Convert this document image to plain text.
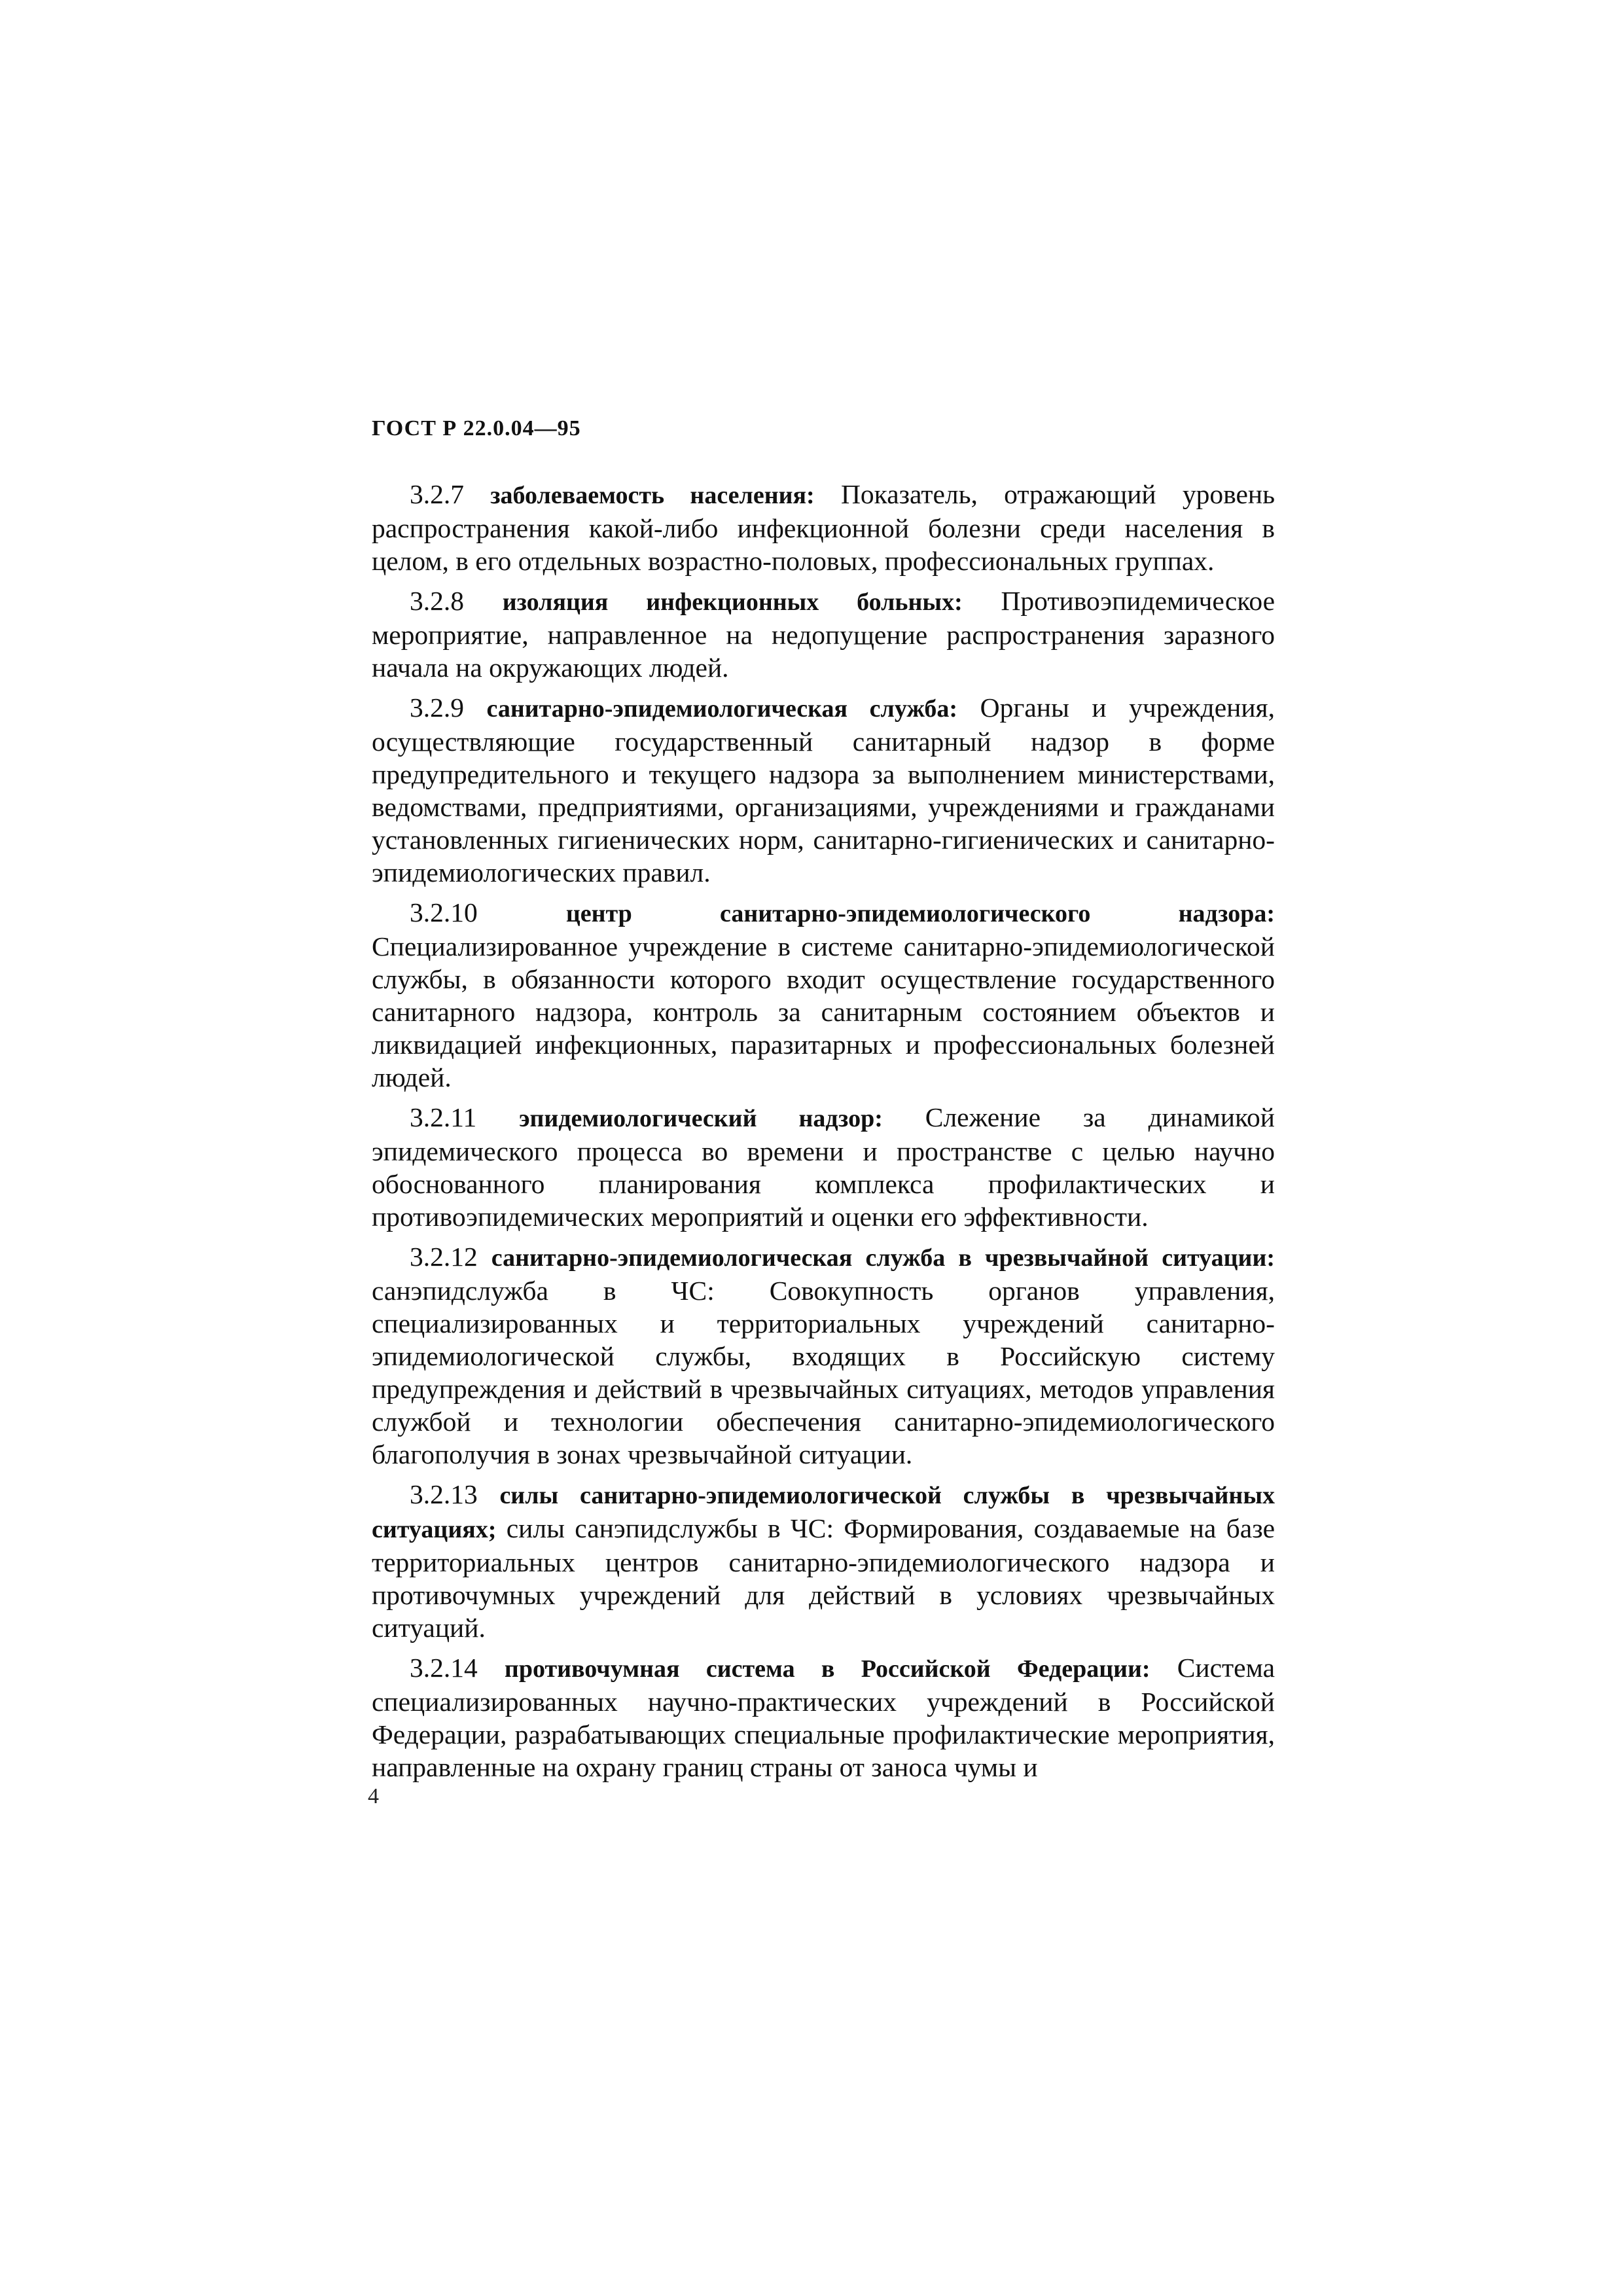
ГОСТ Р 22.0.04—95

3.2.7 заболеваемость населения: Показатель, отражающий уровень распространения какой-либо инфекционной болезни среди населения в целом, в его отдельных возрастно-половых, профессиональных группах.

3.2.8 изоляция инфекционных больных: Противоэпидемическое мероприятие, направленное на недопущение распространения заразного начала на окружающих людей.

3.2.9 санитарно-эпидемиологическая служба: Органы и учреждения, осуществляющие государственный санитарный надзор в форме предупредительного и текущего надзора за выполнением министерствами, ведомствами, предприятиями, организациями, учреждениями и гражданами установленных гигиенических норм, санитарно-гигиенических и санитарно-эпидемиологических правил.

3.2.10	центр санитарно-эпидемиологического надзора: Специализированное учреждение в системе санитарно-эпидемиологической службы, в обязанности которого входит осуществление государственного санитарного надзора, контроль за санитарным состоянием объектов и ликвидацией инфекционных, паразитарных и профессиональных болезней людей.

3.2.11 эпидемиологический надзор: Слежение за динамикой эпидемического процесса во времени и пространстве с целью научно обоснованного планирования комплекса профилактических и противоэпидемических мероприятий и оценки его эффективности.

3.2.12 санитарно-эпидемиологическая служба в чрезвычайной ситуации: санэпидслужба в ЧС: Совокупность органов управления, специализированных и территориальных учреждений санитарно-эпидемиологической службы, входящих в Российскую систему предупреждения и действий в чрезвычайных ситуациях, методов управления службой и технологии обеспечения санитарно-эпидемиологического благополучия в зонах чрезвычайной ситуации.

3.2.13 силы санитарно-эпидемиологической службы в чрезвычайных ситуациях; силы санэпидслужбы в ЧС: Формирования, создаваемые на базе территориальных центров санитарно-эпидемиологического надзора и противочумных учреждений для действий в условиях чрезвычайных ситуаций.

3.2.14 противочумная система в Российской Федерации: Система специализированных научно-практических учреждений в Российской Федерации, разрабатывающих специальные профилактические мероприятия, направленные на охрану границ страны от заноса чумы и

4
